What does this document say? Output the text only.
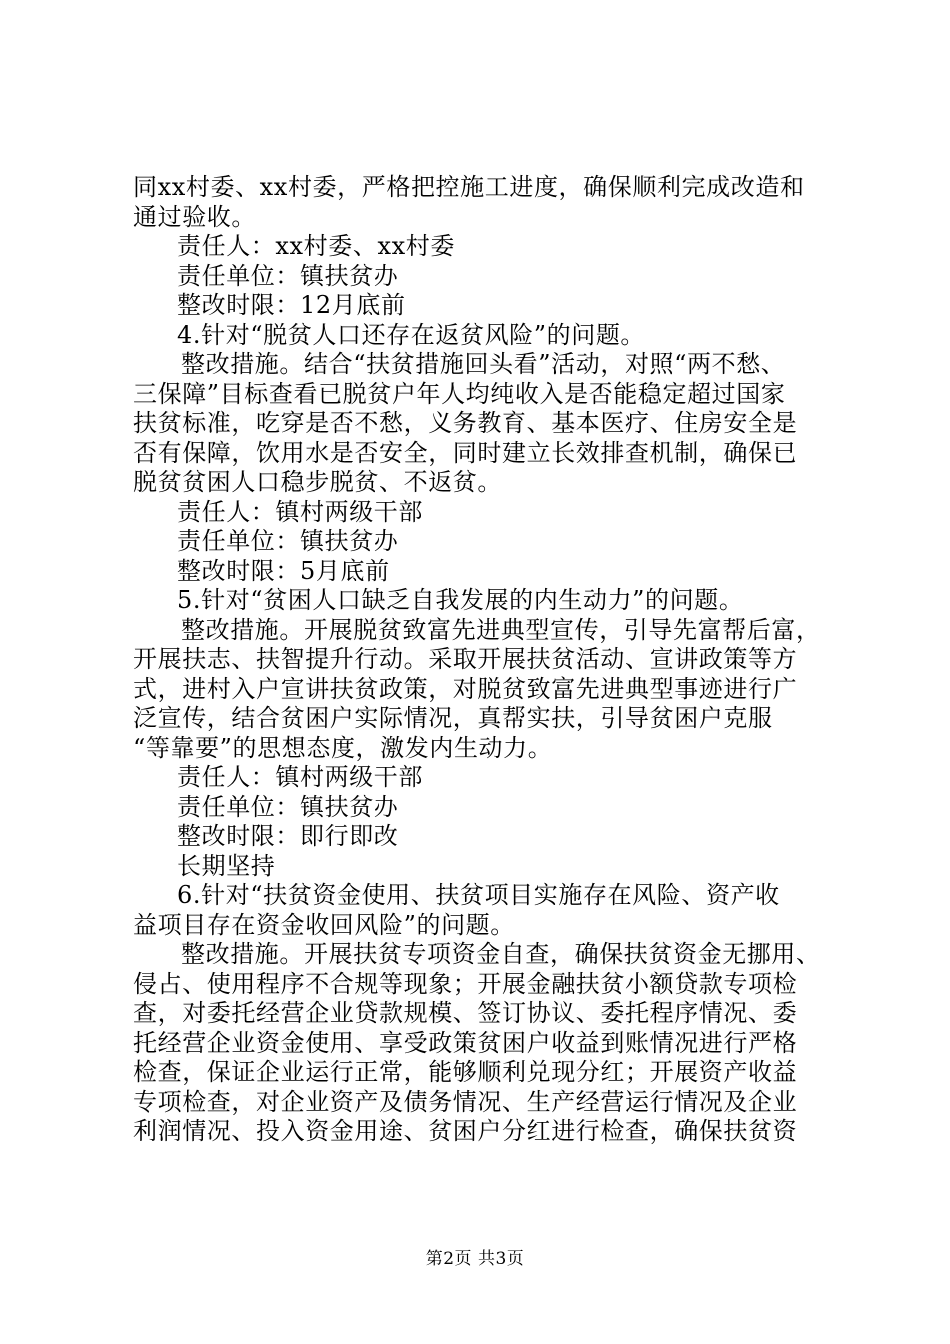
同xx村委、xx村委，严格把控施工进度，确保顺利完成改造和

通过验收。

责任人：xx村委、xx村委

责任单位：镇扶贫办

整改时限：12月底前

4.针对“脱贫人口还存在返贫风险”的问题。

整改措施。结合“扶贫措施回头看”活动，对照“两不愁、

三保障”目标查看已脱贫户年人均纯收入是否能稳定超过国家

扶贫标准，吃穿是否不愁，义务教育、基本医疗、住房安全是

否有保障，饮用水是否安全，同时建立长效排查机制，确保已

脱贫贫困人口稳步脱贫、不返贫。

责任人：镇村两级干部

责任单位：镇扶贫办

整改时限：5月底前

5.针对“贫困人口缺乏自我发展的内生动力”的问题。

整改措施。开展脱贫致富先进典型宣传，引导先富帮后富，

开展扶志、扶智提升行动。采取开展扶贫活动、宣讲政策等方

式，进村入户宣讲扶贫政策，对脱贫致富先进典型事迹进行广

泛宣传，结合贫困户实际情况，真帮实扶，引导贫困户克服

“等靠要”的思想态度，激发内生动力。

责任人：镇村两级干部

责任单位：镇扶贫办

整改时限：即行即改

长期坚持

6.针对“扶贫资金使用、扶贫项目实施存在风险、资产收

益项目存在资金收回风险”的问题。

整改措施。开展扶贫专项资金自查，确保扶贫资金无挪用、

侵占、使用程序不合规等现象；开展金融扶贫小额贷款专项检

查，对委托经营企业贷款规模、签订协议、委托程序情况、委

托经营企业资金使用、享受政策贫困户收益到账情况进行严格

检查，保证企业运行正常，能够顺利兑现分红；开展资产收益

专项检查，对企业资产及债务情况、生产经营运行情况及企业

利润情况、投入资金用途、贫困户分红进行检查，确保扶贫资

第2页 共3页
